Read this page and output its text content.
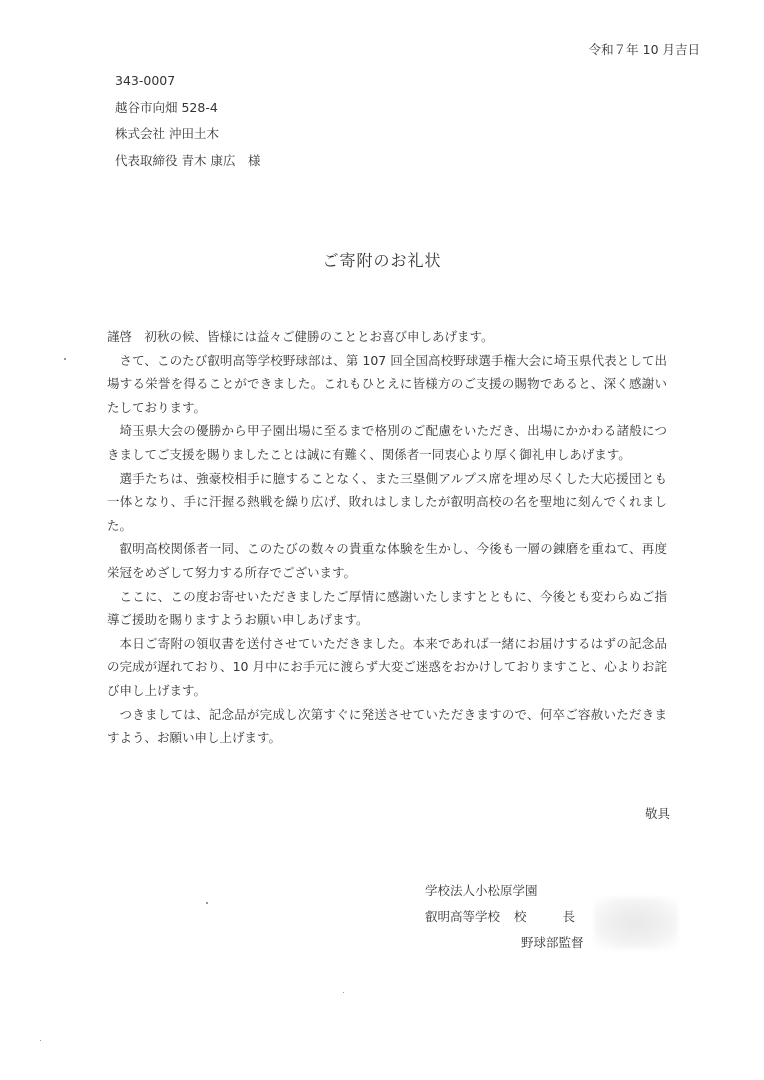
令和７年 10 月吉日
343-0007
越谷市向畑 528-4
株式会社 沖田土木
代表取締役 青木 康広　様
ご寄附のお礼状

謹啓　初秋の候、皆様には益々ご健勝のこととお喜び申しあげます。

さて、このたび叡明高等学校野球部は、第 107 回全国高校野球選手権大会に埼玉県代表として出場する栄誉を得ることができました。これもひとえに皆様方のご支援の賜物であると、深く感謝いたしております。

埼玉県大会の優勝から甲子園出場に至るまで格別のご配慮をいただき、出場にかかわる諸般につきましてご支援を賜りましたことは誠に有難く、関係者一同衷心より厚く御礼申しあげます。

選手たちは、強豪校相手に臆することなく、また三塁側アルプス席を埋め尽くした大応援団とも一体となり、手に汗握る熱戦を繰り広げ、敗れはしましたが叡明高校の名を聖地に刻んでくれました。

叡明高校関係者一同、このたびの数々の貴重な体験を生かし、今後も一層の錬磨を重ねて、再度栄冠をめざして努力する所存でございます。

ここに、この度お寄せいただきましたご厚情に感謝いたしますとともに、今後とも変わらぬご指導ご援助を賜りますようお願い申しあげます。

本日ご寄附の領収書を送付させていただきました。本来であれば一緒にお届けするはずの記念品の完成が遅れており、10 月中にお手元に渡らず大変ご迷惑をおかけしておりますこと、心よりお詫び申し上げます。

つきましては、記念品が完成し次第すぐに発送させていただきますので、何卒ご容赦いただきますよう、お願い申し上げます。

敬具
学校法人小松原学園
叡明高等学校 校	長
野球部監督
